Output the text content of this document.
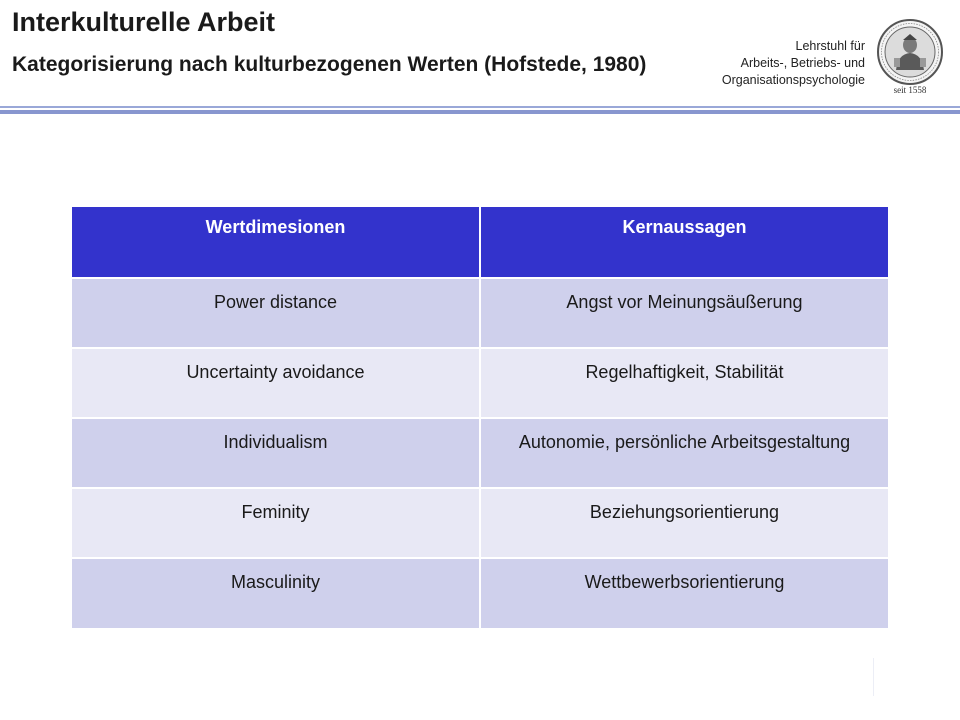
Interkulturelle Arbeit
Kategorisierung nach kulturbezogenen Werten (Hofstede, 1980)
Lehrstuhl für
Arbeits-, Betriebs- und
Organisationspsychologie
seit 1558
Wertdimesionen	Kernaussagen
Power distance	Angst vor Meinungsäußerung
Uncertainty avoidance	Regelhaftigkeit, Stabilität
Individualism	Autonomie, persönliche Arbeitsgestaltung
Feminity	Beziehungsorientierung
Masculinity	Wettbewerbsorientierung
